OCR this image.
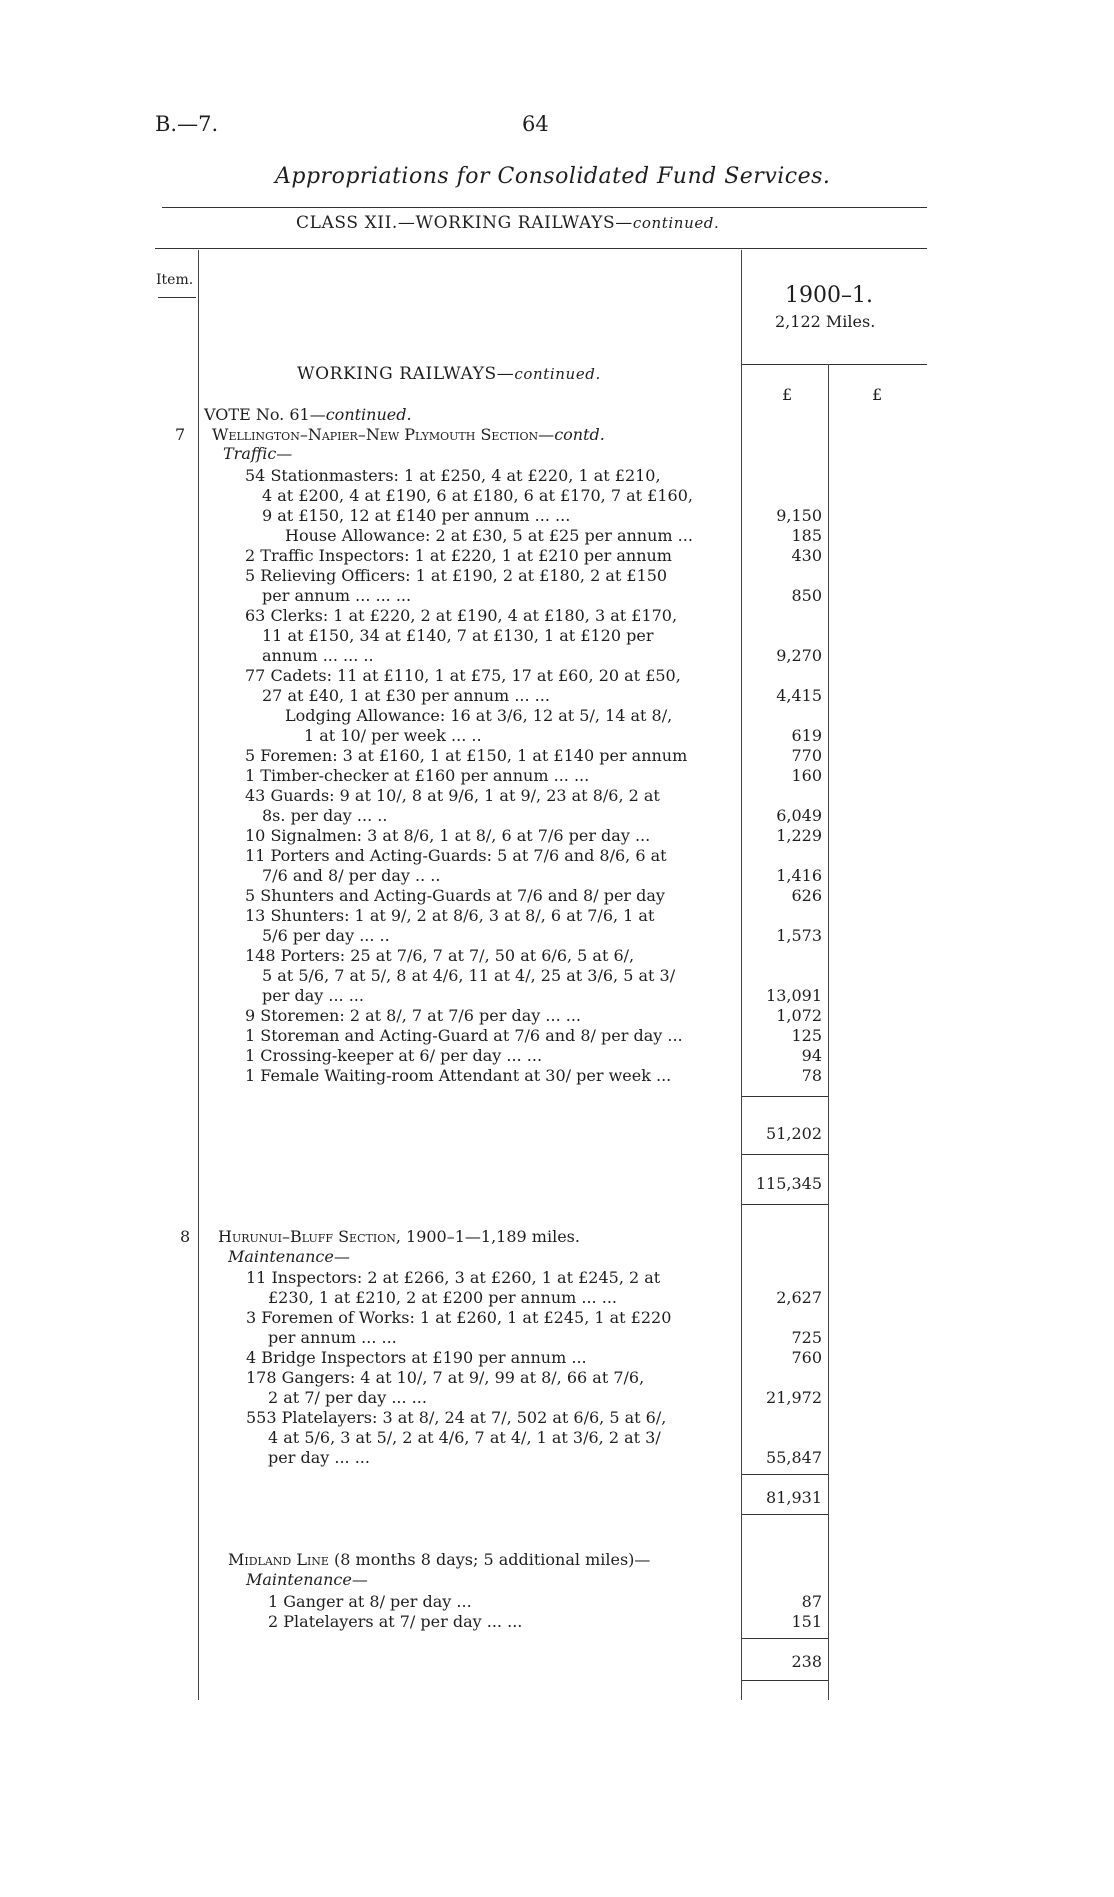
B.—7.	64
Appropriations for Consolidated Fund Services.
CLASS XII.—WORKING RAILWAYS—continued.
Item.
1900–1.
2,122 Miles.
£	£
WORKING RAILWAYS—continued.
VOTE No. 61—continued.
7 Wellington–Napier–New Plymouth Section—contd.
Traffic—
54 Stationmasters: 1 at £250, 4 at £220, 1 at £210,
4 at £200, 4 at £190, 6 at £180, 6 at £170, 7 at £160,
9 at £150, 12 at £140 per annum ... ...
House Allowance: 2 at £30, 5 at £25 per annum ...
2 Traffic Inspectors: 1 at £220, 1 at £210 per annum
5 Relieving Officers: 1 at £190, 2 at £180, 2 at £150
per annum ... ... ...
63 Clerks: 1 at £220, 2 at £190, 4 at £180, 3 at £170,
11 at £150, 34 at £140, 7 at £130, 1 at £120 per
annum ... ... ..
77 Cadets: 11 at £110, 1 at £75, 17 at £60, 20 at £50,
27 at £40, 1 at £30 per annum ... ...
Lodging Allowance: 16 at 3/6, 12 at 5/, 14 at 8/,
1 at 10/ per week ... ..
5 Foremen: 3 at £160, 1 at £150, 1 at £140 per annum
1 Timber-checker at £160 per annum ... ...
43 Guards: 9 at 10/, 8 at 9/6, 1 at 9/, 23 at 8/6, 2 at
8s. per day ... ..
10 Signalmen: 3 at 8/6, 1 at 8/, 6 at 7/6 per day ...
11 Porters and Acting-Guards: 5 at 7/6 and 8/6, 6 at
7/6 and 8/ per day .. ..
5 Shunters and Acting-Guards at 7/6 and 8/ per day
13 Shunters: 1 at 9/, 2 at 8/6, 3 at 8/, 6 at 7/6, 1 at
5/6 per day ... ..
148 Porters: 25 at 7/6, 7 at 7/, 50 at 6/6, 5 at 6/,
5 at 5/6, 7 at 5/, 8 at 4/6, 11 at 4/, 25 at 3/6, 5 at 3/
per day ... ...
9 Storemen: 2 at 8/, 7 at 7/6 per day ... ...
1 Storeman and Acting-Guard at 7/6 and 8/ per day ...
1 Crossing-keeper at 6/ per day ... ...
1 Female Waiting-room Attendant at 30/ per week ...
9,150
185
430
850
9,270
4,415
619
770
160
6,049
1,229
1,416
626
1,573
13,091
1,072
125
94
78
51,202
115,345
8 Hurunui–Bluff Section, 1900–1—1,189 miles.
Maintenance—
11 Inspectors: 2 at £266, 3 at £260, 1 at £245, 2 at
£230, 1 at £210, 2 at £200 per annum ... ...
3 Foremen of Works: 1 at £260, 1 at £245, 1 at £220
per annum ... ...
4 Bridge Inspectors at £190 per annum ...
178 Gangers: 4 at 10/, 7 at 9/, 99 at 8/, 66 at 7/6,
2 at 7/ per day ... ...
553 Platelayers: 3 at 8/, 24 at 7/, 502 at 6/6, 5 at 6/,
4 at 5/6, 3 at 5/, 2 at 4/6, 7 at 4/, 1 at 3/6, 2 at 3/
per day ... ...
2,627
725
760
21,972
55,847
81,931
Midland Line (8 months 8 days; 5 additional miles)—
Maintenance—
1 Ganger at 8/ per day ...
2 Platelayers at 7/ per day ... ...
87
151
238
